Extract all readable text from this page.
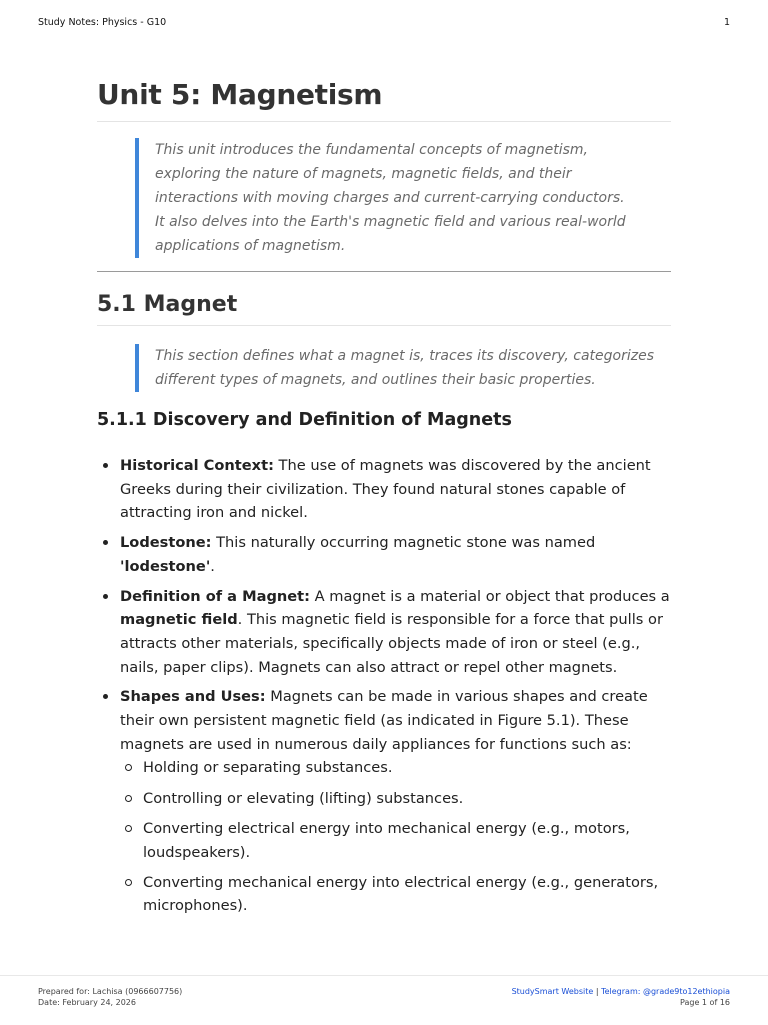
Study Notes: Physics - G10	1
Unit 5: Magnetism
This unit introduces the fundamental concepts of magnetism, exploring the nature of magnets, magnetic fields, and their interactions with moving charges and current-carrying conductors. It also delves into the Earth's magnetic field and various real-world applications of magnetism.
5.1 Magnet
This section defines what a magnet is, traces its discovery, categorizes different types of magnets, and outlines their basic properties.
5.1.1 Discovery and Definition of Magnets
Historical Context: The use of magnets was discovered by the ancient Greeks during their civilization. They found natural stones capable of attracting iron and nickel.
Lodestone: This naturally occurring magnetic stone was named 'lodestone'.
Definition of a Magnet: A magnet is a material or object that produces a magnetic field. This magnetic field is responsible for a force that pulls or attracts other materials, specifically objects made of iron or steel (e.g., nails, paper clips). Magnets can also attract or repel other magnets.
Shapes and Uses: Magnets can be made in various shapes and create their own persistent magnetic field (as indicated in Figure 5.1). These magnets are used in numerous daily appliances for functions such as:
Holding or separating substances.
Controlling or elevating (lifting) substances.
Converting electrical energy into mechanical energy (e.g., motors, loudspeakers).
Converting mechanical energy into electrical energy (e.g., generators, microphones).
Prepared for: Lachisa (0966607756)
Date: February 24, 2026
StudySmart Website | Telegram: @grade9to12ethiopia
Page 1 of 16
